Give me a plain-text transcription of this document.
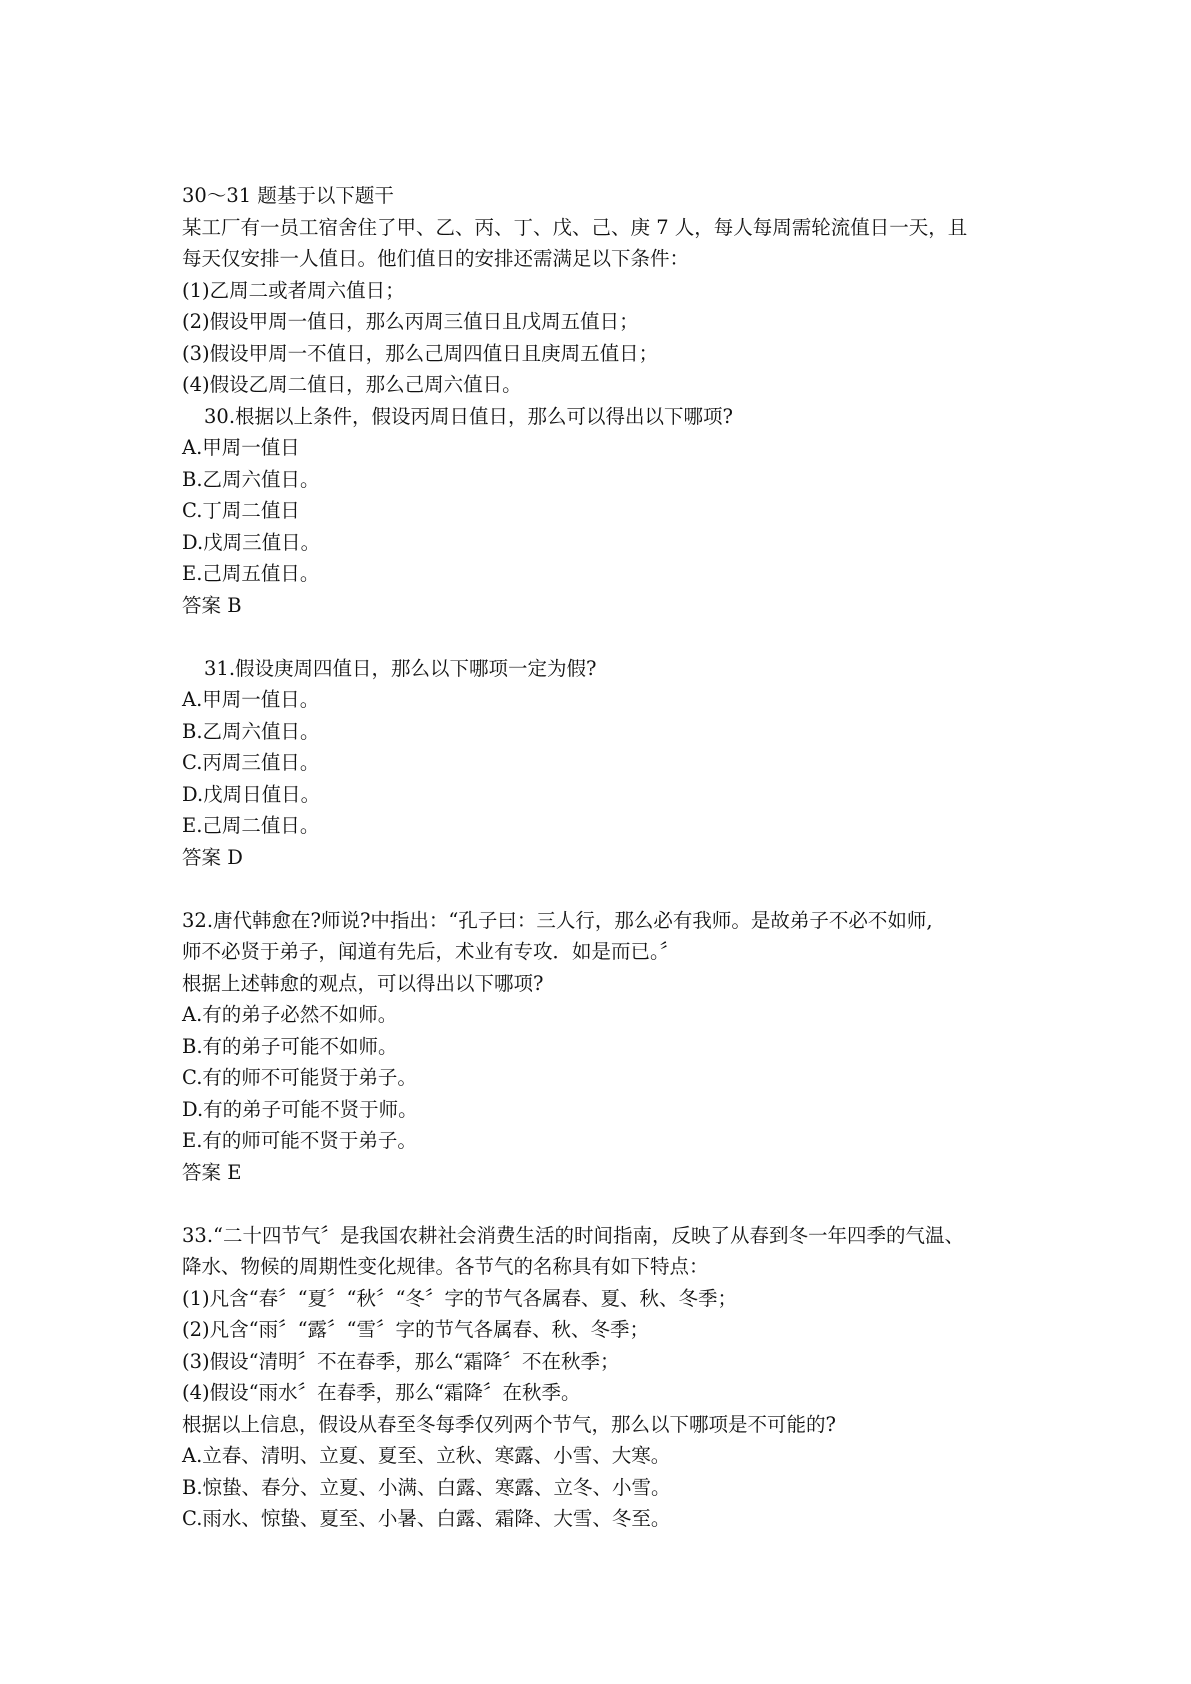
30～31 题基于以下题干
某工厂有一员工宿舍住了甲、乙、丙、丁、戊、己、庚 7 人，每人每周需轮流值日一天，且
每天仅安排一人值日。他们值日的安排还需满足以下条件：
(1)乙周二或者周六值日；
(2)假设甲周一值日，那么丙周三值日且戊周五值日；
(3)假设甲周一不值日，那么己周四值日且庚周五值日；
(4)假设乙周二值日，那么己周六值日。
30.根据以上条件，假设丙周日值日，那么可以得出以下哪项?
A.甲周一值日
B.乙周六值日。
C.丁周二值日
D.戊周三值日。
E.己周五值日。
答案 B
31.假设庚周四值日，那么以下哪项一定为假?
A.甲周一值日。
B.乙周六值日。
C.丙周三值日。
D.戊周日值日。
E.己周二值日。
答案 D
32.唐代韩愈在?师说?中指出：“孔子曰：三人行，那么必有我师。是故弟子不必不如师,
师不必贤于弟子，闻道有先后，术业有专攻．如是而已。〞
根据上述韩愈的观点，可以得出以下哪项?
A.有的弟子必然不如师。
B.有的弟子可能不如师。
C.有的师不可能贤于弟子。
D.有的弟子可能不贤于师。
E.有的师可能不贤于弟子。
答案 E
33.“二十四节气〞是我国农耕社会消费生活的时间指南，反映了从春到冬一年四季的气温、
降水、物候的周期性变化规律。各节气的名称具有如下特点：
(1)凡含“春〞“夏〞“秋〞“冬〞字的节气各属春、夏、秋、冬季；
(2)凡含“雨〞“露〞“雪〞字的节气各属春、秋、冬季；
(3)假设“清明〞不在春季，那么“霜降〞不在秋季；
(4)假设“雨水〞在春季，那么“霜降〞在秋季。
根据以上信息，假设从春至冬每季仅列两个节气，那么以下哪项是不可能的?
A.立春、清明、立夏、夏至、立秋、寒露、小雪、大寒。
B.惊蛰、春分、立夏、小满、白露、寒露、立冬、小雪。
C.雨水、惊蛰、夏至、小暑、白露、霜降、大雪、冬至。
